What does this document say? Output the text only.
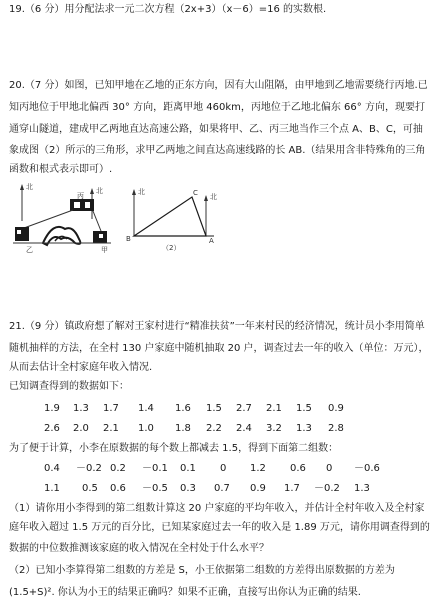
19.（6 分）用分配法求一元二次方程（2x+3）（x－6）=16 的实数根.
20.（7 分）如图，已知甲地在乙地的正东方向，因有大山阻隔，由甲地到乙地需要绕行丙地.已
知丙地位于甲地北偏西 30° 方向，距离甲地 460km，丙地位于乙地北偏东 66° 方向，现要打
通穿山隧道，建成甲乙两地直达高速公路，如果将甲、乙、丙三地当作三个点 A、B、C，可抽
象成图（2）所示的三角形，求甲乙两地之间直达高速线路的长 AB.（结果用含非特殊角的三角
函数和根式表示即可）.
北	北
丙
乙	甲
北
北
C
B	A
（2）
21.（9 分）镇政府想了解对王家村进行“精准扶贫”一年来村民的经济情况，统计员小李用简单
随机抽样的方法，在全村 130 户家庭中随机抽取 20 户，调查过去一年的收入（单位：万元），
从而去估计全村家庭年收入情况.
已知调查得到的数据如下：
1.9 1.3 1.7 1.4 1.6 1.5 2.7 2.1 1.5 0.9
2.6 2.0 2.1 1.0 1.8 2.2 2.4 3.2 1.3 2.8
为了便于计算，小李在原数据的每个数上都减去 1.5，得到下面第二组数：
0.4 －0.2 0.2 －0.1 0.1 0 1.2 0.6 0 －0.6
1.1 0.5 0.6 －0.5 0.3 0.7 0.9 1.7 －0.2 1.3
（1）请你用小李得到的第二组数计算这 20 户家庭的平均年收入，并估计全村年收入及全村家
庭年收入超过 1.5 万元的百分比，已知某家庭过去一年的收入是 1.89 万元，请你用调查得到的
数据的中位数推测该家庭的收入情况在全村处于什么水平？
（2）已知小李算得第二组数的方差是 S，小王依据第二组数的方差得出原数据的方差为
(1.5+S)². 你认为小王的结果正确吗？如果不正确，直接写出你认为正确的结果.
